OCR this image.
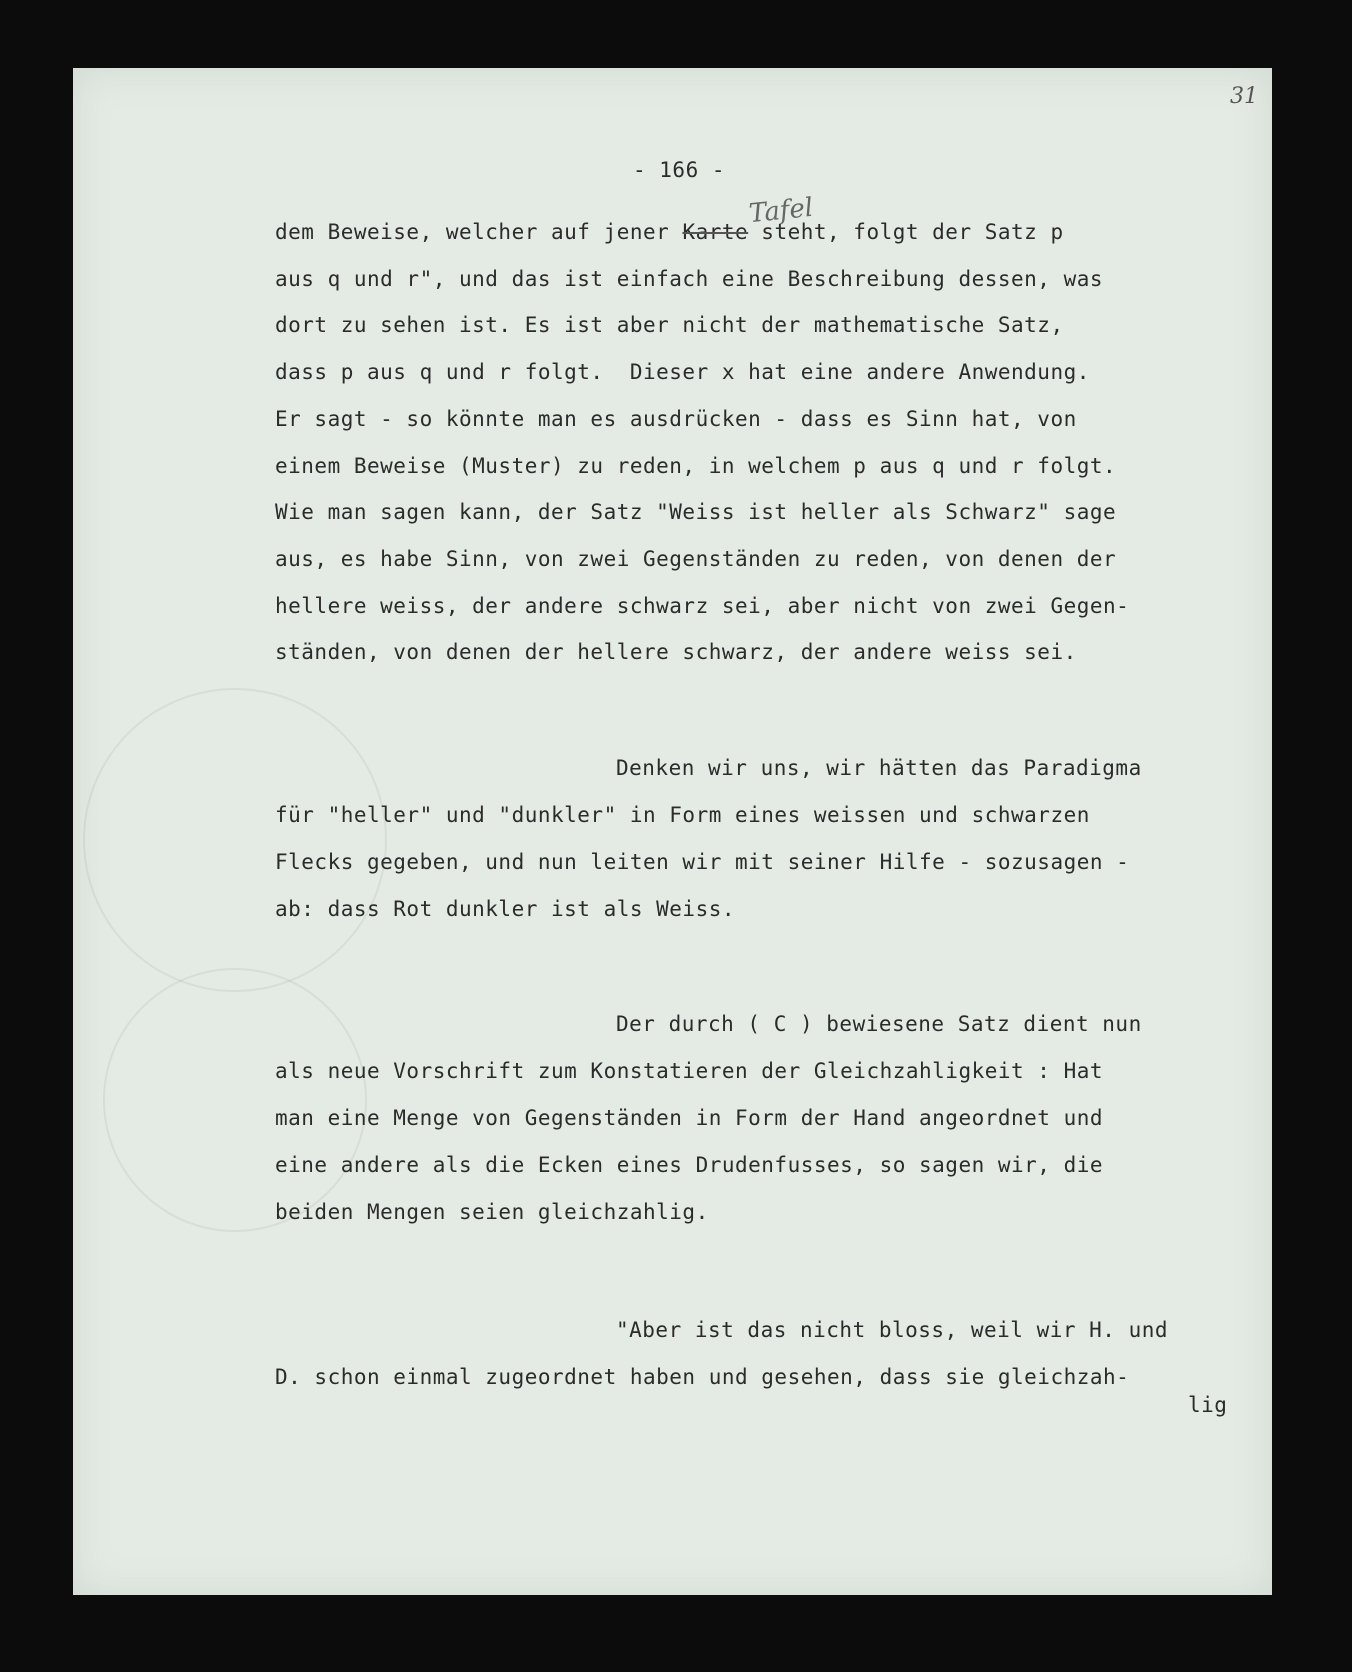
31
- 166 -
Tafel
dem Beweise, welcher auf jener Karte steht, folgt der Satz p
aus q und r", und das ist einfach eine Beschreibung dessen, was
dort zu sehen ist. Es ist aber nicht der mathematische Satz,
dass p aus q und r folgt.  Dieser x hat eine andere Anwendung.
Er sagt - so könnte man es ausdrücken - dass es Sinn hat, von
einem Beweise (Muster) zu reden, in welchem p aus q und r folgt.
Wie man sagen kann, der Satz "Weiss ist heller als Schwarz" sage
aus, es habe Sinn, von zwei Gegenständen zu reden, von denen der
hellere weiss, der andere schwarz sei, aber nicht von zwei Gegen-
ständen, von denen der hellere schwarz, der andere weiss sei.
Denken wir uns, wir hätten das Paradigma
für "heller" und "dunkler" in Form eines weissen und schwarzen
Flecks gegeben, und nun leiten wir mit seiner Hilfe - sozusagen -
ab: dass Rot dunkler ist als Weiss.
Der durch ( C ) bewiesene Satz dient nun
als neue Vorschrift zum Konstatieren der Gleichzahligkeit : Hat
man eine Menge von Gegenständen in Form der Hand angeordnet und
eine andere als die Ecken eines Drudenfusses, so sagen wir, die
beiden Mengen seien gleichzahlig.
"Aber ist das nicht bloss, weil wir H. und
D. schon einmal zugeordnet haben und gesehen, dass sie gleichzah-
lig
